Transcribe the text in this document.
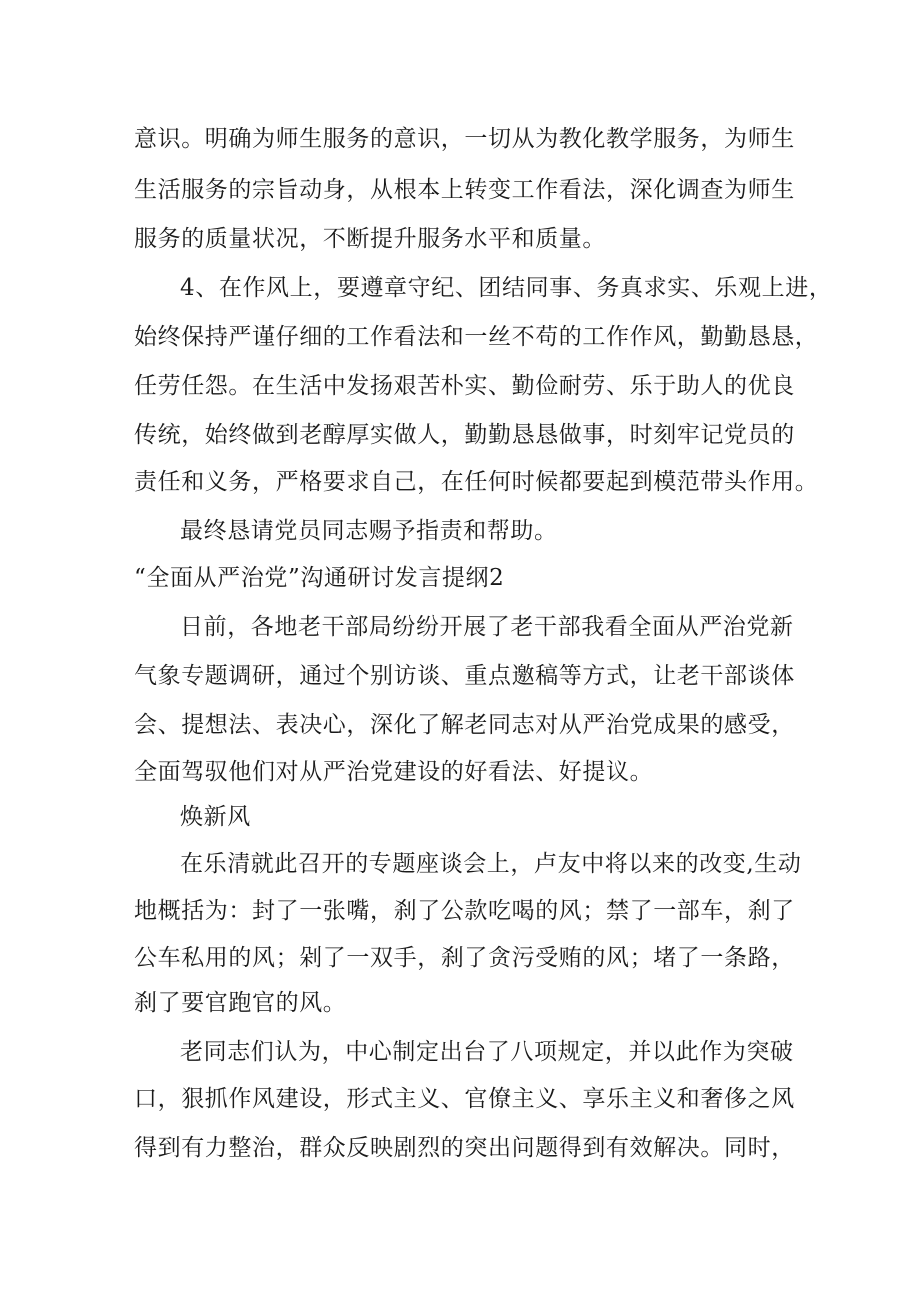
意识。明确为师生服务的意识，一切从为教化教学服务，为师生

生活服务的宗旨动身，从根本上转变工作看法，深化调查为师生

服务的质量状况，不断提升服务水平和质量。

4、在作风上，要遵章守纪、团结同事、务真求实、乐观上进，

始终保持严谨仔细的工作看法和一丝不苟的工作作风，勤勤恳恳，

任劳任怨。在生活中发扬艰苦朴实、勤俭耐劳、乐于助人的优良

传统，始终做到老醇厚实做人，勤勤恳恳做事，时刻牢记党员的

责任和义务，严格要求自己，在任何时候都要起到模范带头作用。

最终恳请党员同志赐予指责和帮助。

“全面从严治党”沟通研讨发言提纲2

日前，各地老干部局纷纷开展了老干部我看全面从严治党新

气象专题调研，通过个别访谈、重点邀稿等方式，让老干部谈体

会、提想法、表决心，深化了解老同志对从严治党成果的感受，

全面驾驭他们对从严治党建设的好看法、好提议。

焕新风

在乐清就此召开的专题座谈会上，卢友中将以来的改变,生动

地概括为：封了一张嘴，刹了公款吃喝的风；禁了一部车，刹了

公车私用的风；剁了一双手，刹了贪污受贿的风；堵了一条路，

刹了要官跑官的风。

老同志们认为，中心制定出台了八项规定，并以此作为突破

口，狠抓作风建设，形式主义、官僚主义、享乐主义和奢侈之风

得到有力整治，群众反映剧烈的突出问题得到有效解决。同时，
